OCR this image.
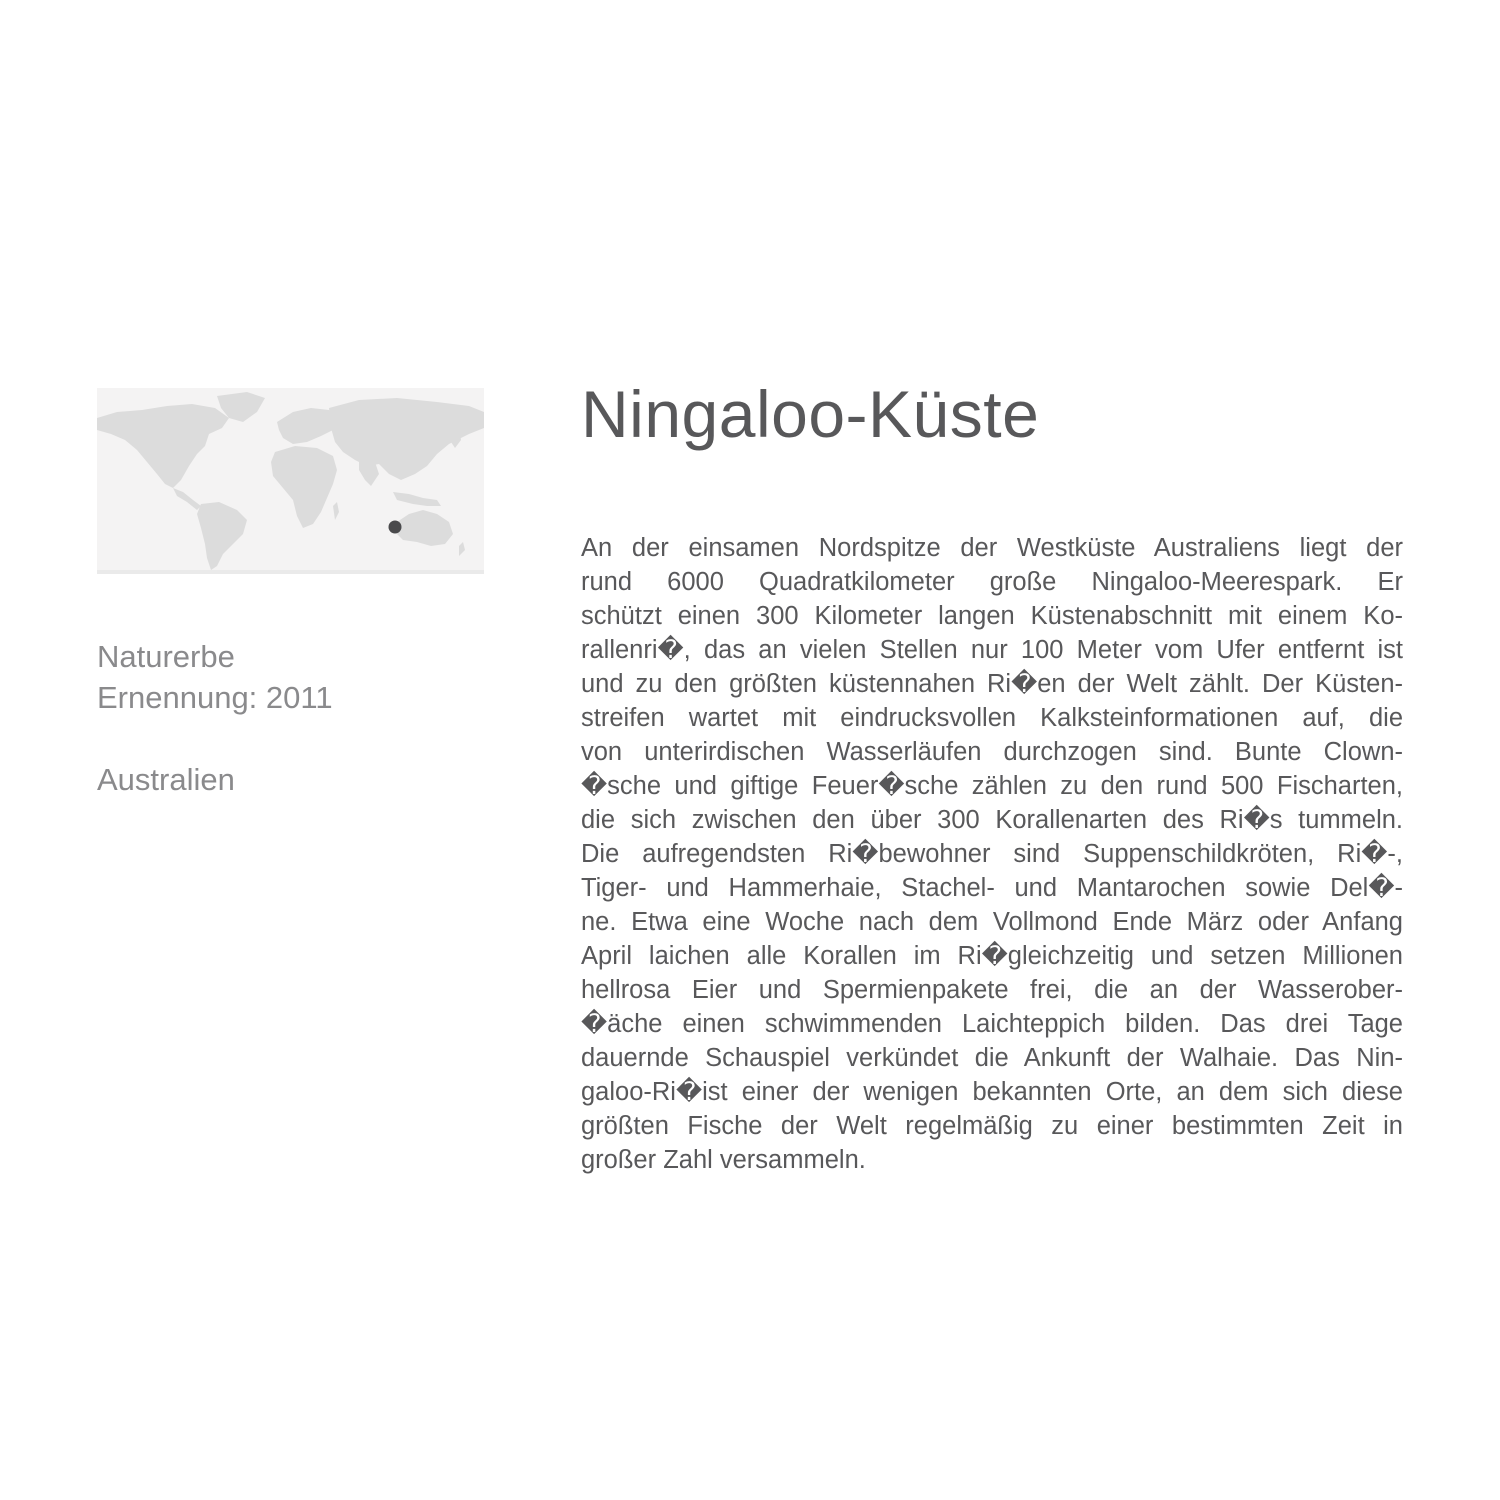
Naturerbe
Ernennung: 2011
Australien
Ningaloo-Küste
An der einsamen Nordspitze der Westküste Australiens liegt der
rund 6000 Quadratkilometer große Ningaloo-Meerespark. Er
schützt einen 300 Kilometer langen Küstenabschnitt mit einem Ko-
rallenri�, das an vielen Stellen nur 100 Meter vom Ufer entfernt ist
und zu den größten küstennahen Ri�en der Welt zählt. Der Küsten-
streifen wartet mit eindrucksvollen Kalksteinformationen auf, die
von unterirdischen Wasserläufen durchzogen sind. Bunte Clown-
�sche und giftige Feuer�sche zählen zu den rund 500 Fischarten,
die sich zwischen den über 300 Korallenarten des Ri�s tummeln.
Die aufregendsten Ri�bewohner sind Suppenschildkröten, Ri�-,
Tiger- und Hammerhaie, Stachel- und Mantarochen sowie Del�-
ne. Etwa eine Woche nach dem Vollmond Ende März oder Anfang
April laichen alle Korallen im Ri�gleichzeitig und setzen Millionen
hellrosa Eier und Spermienpakete frei, die an der Wasserober-
�äche einen schwimmenden Laichteppich bilden. Das drei Tage
dauernde Schauspiel verkündet die Ankunft der Walhaie. Das Nin-
galoo-Ri�ist einer der wenigen bekannten Orte, an dem sich diese
größten Fische der Welt regelmäßig zu einer bestimmten Zeit in
großer Zahl versammeln.
